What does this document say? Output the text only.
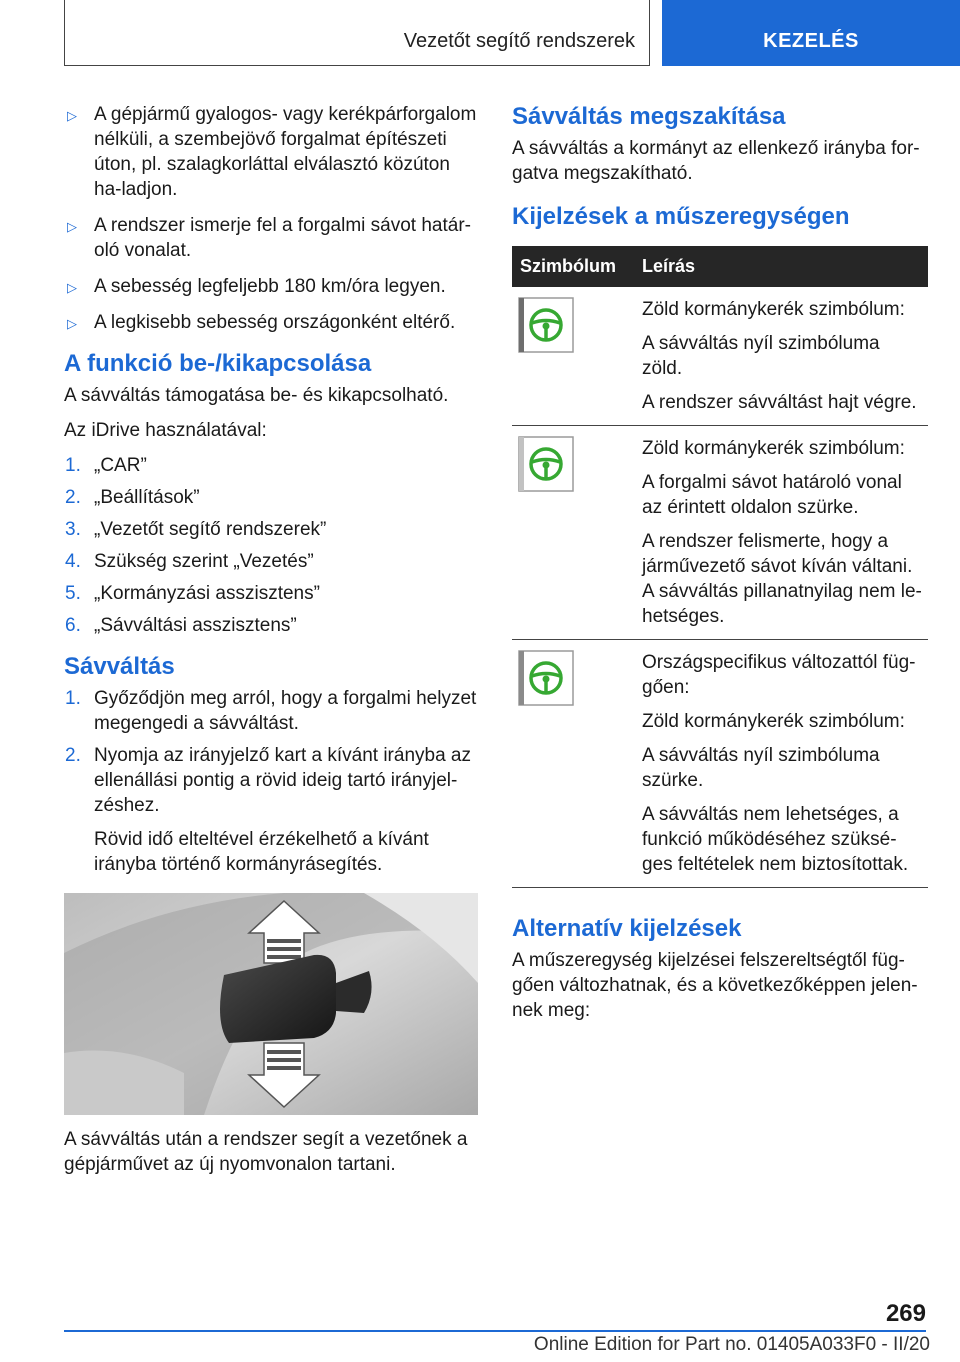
Vezetőt segítő rendszerek	KEZELÉS
▷ A gépjármű gyalogos- vagy kerékpárforgalom nélküli, a szembejövő forgalmat építészeti úton, pl. szalagkorláttal elválasztó közúton ha-ladjon.
▷ A rendszer ismerje fel a forgalmi sávot határ-oló vonalat.
▷ A sebesség legfeljebb 180 km/óra legyen.
▷ A legkisebb sebesség országonként eltérő.
A funkció be-/kikapcsolása

A sávváltás támogatása be- és kikapcsolható.

Az iDrive használatával:

1. „CAR”
2. „Beállítások”
3. „Vezetőt segítő rendszerek”
4. Szükség szerint „Vezetés”
5. „Kormányzási asszisztens”
6. „Sávváltási asszisztens”
Sávváltás
1. Győződjön meg arról, hogy a forgalmi helyzet megengedi a sávváltást.
2. Nyomja az irányjelző kart a kívánt irányba az ellenállási pontig a rövid ideig tartó irányjel-zéshez.

Rövid idő elteltével érzékelhető a kívánt irányba történő kormányrásegítés.

A sávváltás után a rendszer segít a vezetőnek a gépjárművet az új nyomvonalon tartani.

Sávváltás megszakítása

A sávváltás a kormányt az ellenkező irányba for-gatva megszakítható.

Kijelzések a műszeregységen
Szimbólum	Leírás

Zöld kormánykerék szimbólum:

A sávváltás nyíl szimbóluma zöld.

A rendszer sávváltást hajt végre.

Zöld kormánykerék szimbólum:

A forgalmi sávot határoló vonal az érintett oldalon szürke.

A rendszer felismerte, hogy a járművezető sávot kíván váltani. A sávváltás pillanatnyilag nem le-hetséges.

Országspecifikus változattól füg-gően:

Zöld kormánykerék szimbólum:

A sávváltás nyíl szimbóluma szürke.

A sávváltás nem lehetséges, a funkció működéséhez szüksé-ges feltételek nem biztosítottak.

Alternatív kijelzések

A műszeregység kijelzései felszereltségtől füg-gően változhatnak, és a következőképpen jelen-nek meg:

269
Online Edition for Part no. 01405A033F0 - II/20
